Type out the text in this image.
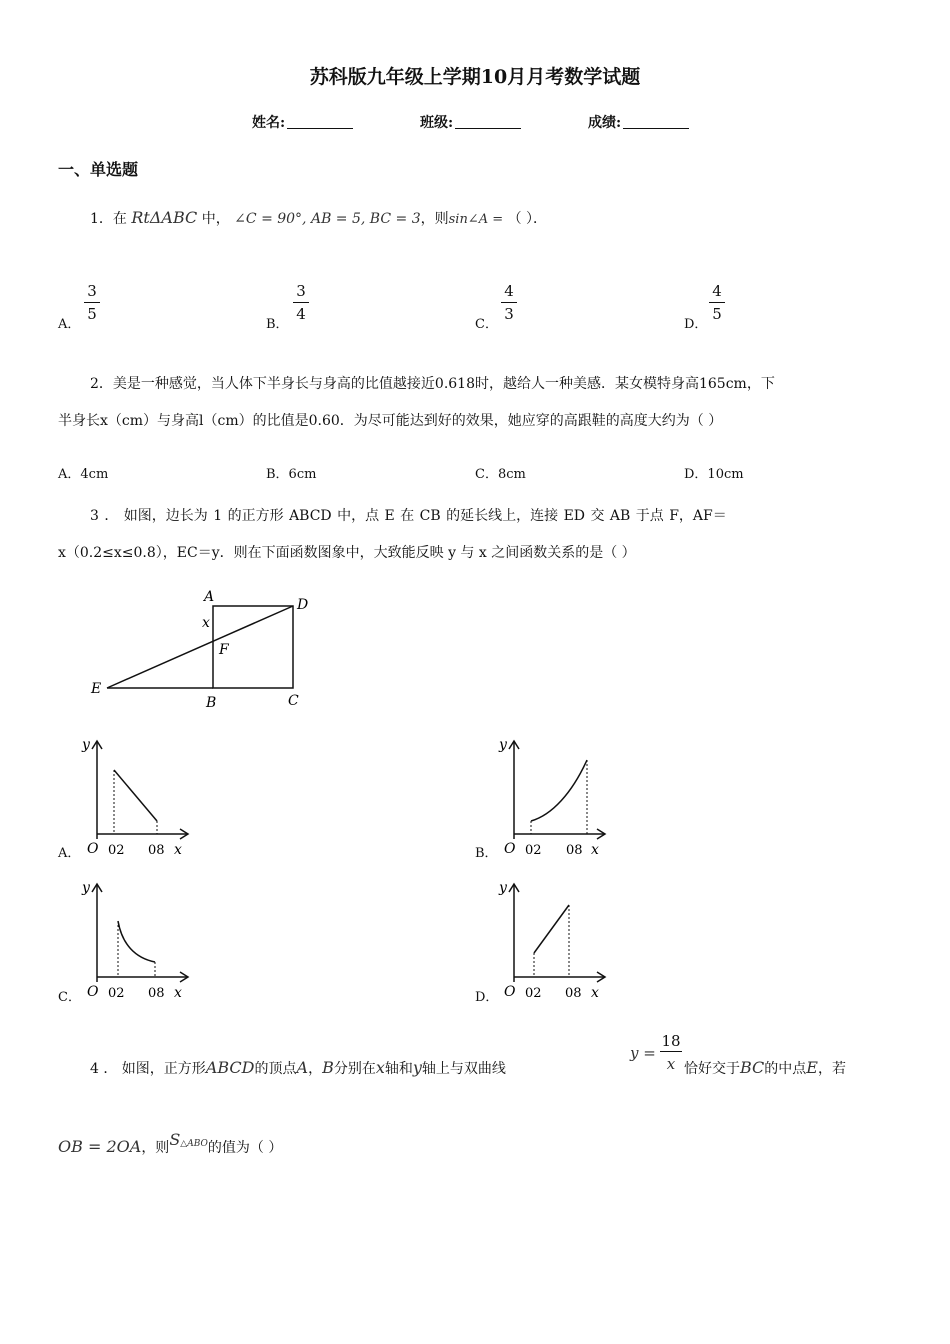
苏科版九年级上学期10月月考数学试题
姓名:	班级:	成绩:
一、单选题
1．在 RtΔABC 中， ∠C = 90°, AB = 5, BC = 3，则sin∠A = （ ）．
A．
3
5
B．
3
4
C．
4
3
D．
4
5
2．美是一种感觉，当人体下半身长与身高的比值越接近0.618时，越给人一种美感．某女模特身高165cm，下
半身长x（cm）与身高l（cm）的比值是0.60．为尽可能达到好的效果，她应穿的高跟鞋的高度大约为（ ）
A．4cm	B．6cm	C．8cm	D．10cm
3 ． 如图，边长为 1 的正方形 ABCD 中，点 E 在 CB 的延长线上，连接 ED 交 AB 于点 F，AF＝
x（0.2≤x≤0.8），EC＝y．则在下面函数图象中，大致能反映 y 与 x 之间函数关系的是（ ）
A	D
x
F
E
B	C
A．
y
O 02 08 x	B．
y
O 02 08 x
C．
y
O 02 08 x	D．
y
O 02 08 x
4 ． 如图，正方形ABCD的顶点A，B分别在x轴和y轴上与双曲线
y =
18
x 恰好交于BC的中点E，若
OB = 2OA，则$S^{\triangle ABO}$的值为（ ）
